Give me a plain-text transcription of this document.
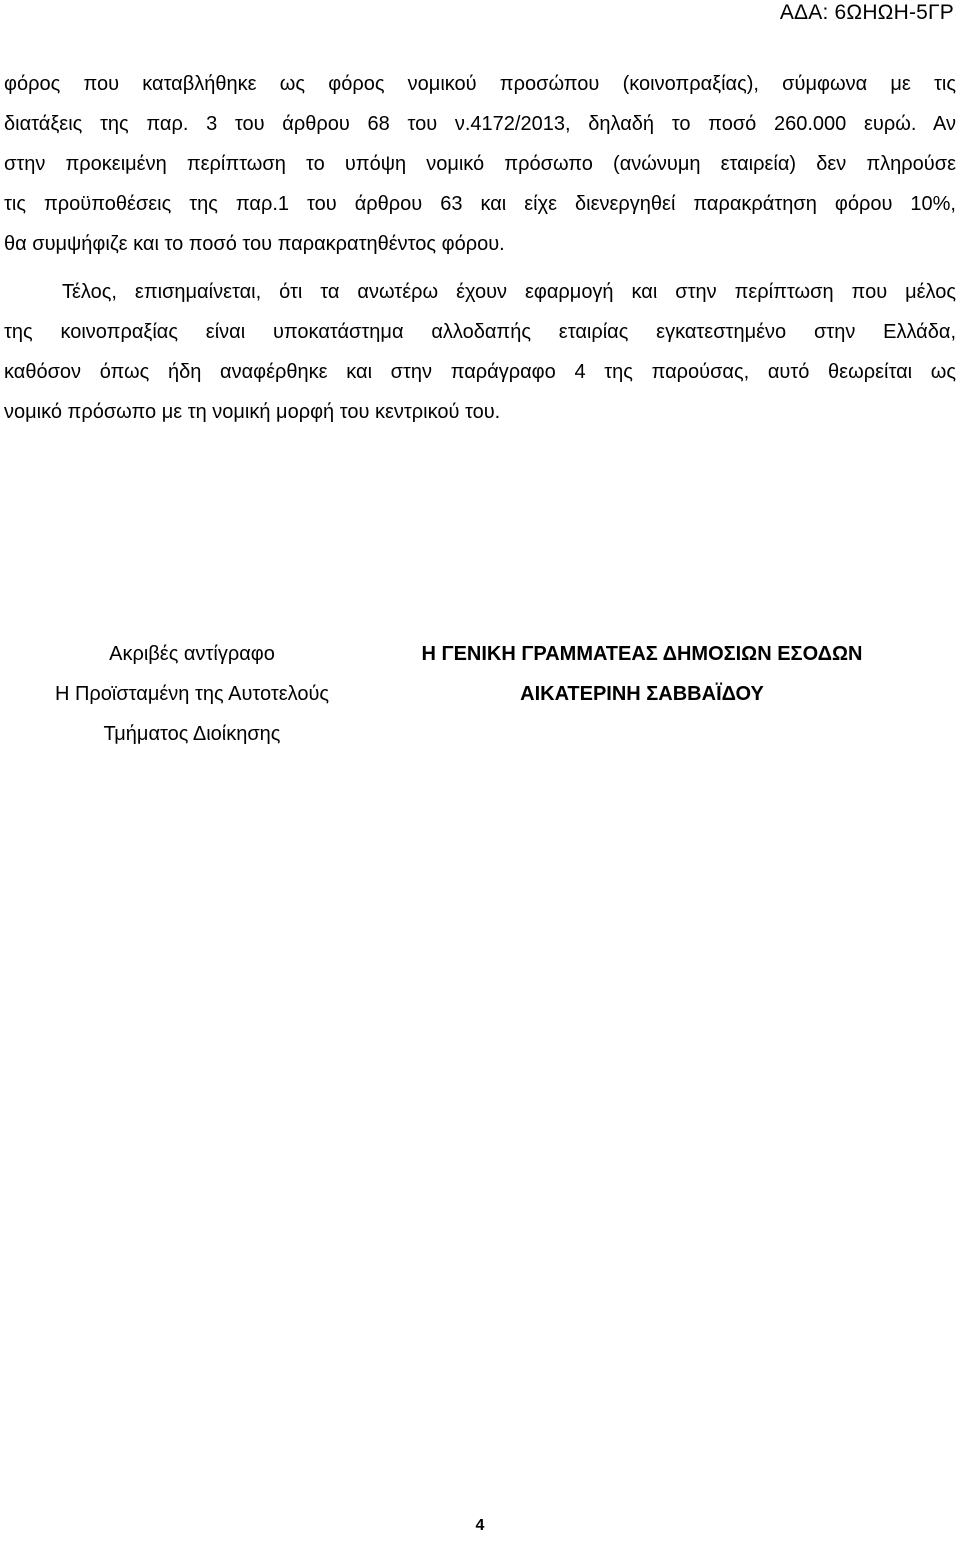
ΑΔΑ: 6ΩΗΩΗ-5ΓΡ
φόρος που καταβλήθηκε ως φόρος νομικού προσώπου (κοινοπραξίας), σύμφωνα με τις
διατάξεις της παρ. 3 του άρθρου 68 του ν.4172/2013, δηλαδή το ποσό 260.000 ευρώ. Αν
στην προκειμένη περίπτωση το υπόψη νομικό πρόσωπο (ανώνυμη εταιρεία) δεν πληρούσε
τις προϋποθέσεις της παρ.1 του άρθρου 63 και είχε διενεργηθεί παρακράτηση φόρου 10%,
θα συμψήφιζε και το ποσό του παρακρατηθέντος φόρου.
Τέλος, επισημαίνεται, ότι τα ανωτέρω έχουν εφαρμογή και στην περίπτωση που μέλος
της κοινοπραξίας είναι υποκατάστημα αλλοδαπής εταιρίας εγκατεστημένο στην Ελλάδα,
καθόσον όπως ήδη αναφέρθηκε και στην παράγραφο 4 της παρούσας, αυτό θεωρείται ως
νομικό πρόσωπο με τη νομική μορφή του κεντρικού του.
Ακριβές αντίγραφο
Η Προϊσταμένη της Αυτοτελούς
Τμήματος Διοίκησης
Η ΓΕΝΙΚΗ ΓΡΑΜΜΑΤΕΑΣ ΔΗΜΟΣΙΩΝ ΕΣΟΔΩΝ
ΑΙΚΑΤΕΡΙΝΗ ΣΑΒΒΑΪΔΟΥ
4
